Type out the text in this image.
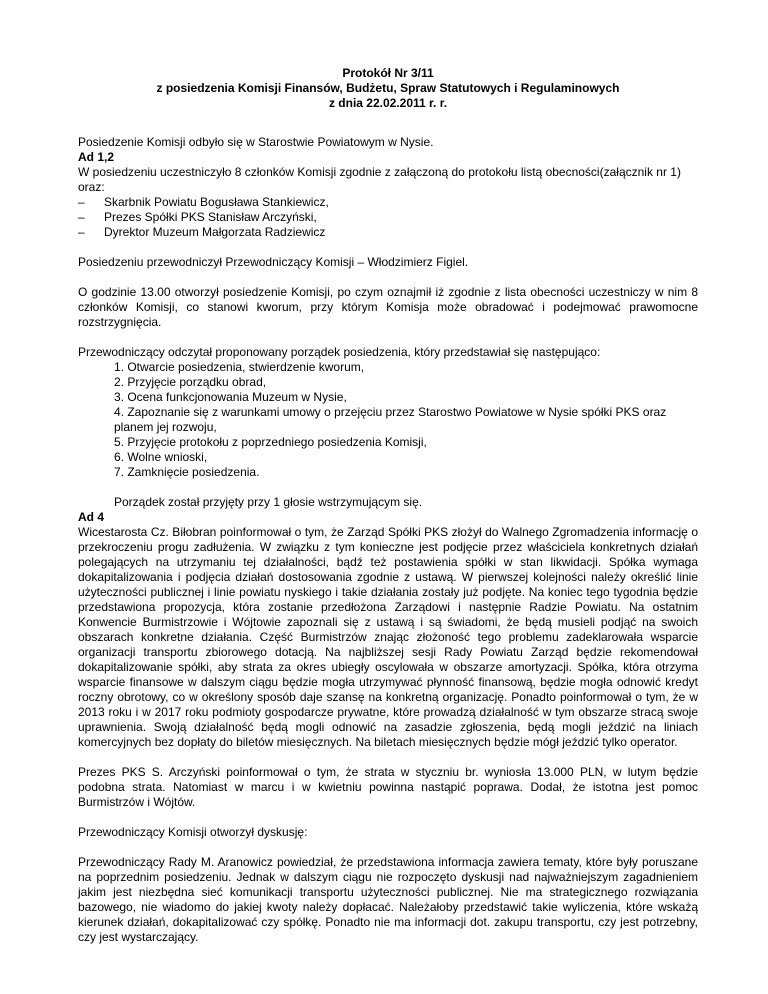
Protokół Nr 3/11
z posiedzenia Komisji Finansów, Budżetu, Spraw Statutowych i Regulaminowych
z dnia 22.02.2011 r. r.

Posiedzenie Komisji odbyło się w Starostwie Powiatowym w Nysie.

Ad 1,2

W posiedzeniu uczestniczyło 8 członków Komisji zgodnie z załączoną do protokołu listą obecności(załącznik nr 1) oraz:

– Skarbnik Powiatu Bogusława Stankiewicz,
– Prezes Spółki PKS Stanisław Arczyński,
– Dyrektor Muzeum Małgorzata Radziewicz

Posiedzeniu przewodniczył Przewodniczący Komisji – Włodzimierz Figiel.

O godzinie 13.00 otworzył posiedzenie Komisji, po czym oznajmił iż zgodnie z lista obecności uczestniczy w nim 8 członków Komisji, co stanowi kworum, przy którym Komisja może obradować i podejmować prawomocne rozstrzygnięcia.

Przewodniczący odczytał proponowany porządek posiedzenia, który przedstawiał się następująco:

1. Otwarcie posiedzenia, stwierdzenie kworum,
2. Przyjęcie porządku obrad,
3. Ocena funkcjonowania Muzeum w Nysie,
4. Zapoznanie się z warunkami umowy o przejęciu przez Starostwo Powiatowe w Nysie spółki PKS oraz planem jej rozwoju,
5. Przyjęcie protokołu z poprzedniego posiedzenia Komisji,
6. Wolne wnioski,
7. Zamknięcie posiedzenia.

Porządek został przyjęty przy 1 głosie wstrzymującym się.

Ad 4

Wicestarosta Cz. Biłobran poinformował o tym, że Zarząd Spółki PKS złożył do Walnego Zgromadzenia informację o przekroczeniu progu zadłużenia. W związku z tym konieczne jest podjęcie przez właściciela konkretnych działań polegających na utrzymaniu tej działalności, bądź też postawienia spółki w stan likwidacji. Spółka wymaga dokapitalizowania i podjęcia działań dostosowania zgodnie z ustawą. W pierwszej kolejności należy określić linie użyteczności publicznej i linie powiatu nyskiego i takie działania zostały już podjęte. Na koniec tego tygodnia będzie przedstawiona propozycja, która zostanie przedłożona Zarządowi i następnie Radzie Powiatu. Na ostatnim Konwencie Burmistrzowie i Wójtowie zapoznali się z ustawą i są świadomi, że będą musieli podjąć na swoich obszarach konkretne działania. Część Burmistrzów znając złożoność tego problemu zadeklarowała wsparcie organizacji transportu zbiorowego dotacją. Na najbliższej sesji Rady Powiatu Zarząd będzie rekomendował dokapitalizowanie spółki, aby strata za okres ubiegły oscylowała w obszarze amortyzacji. Spółka, która otrzyma wsparcie finansowe w dalszym ciągu będzie mogła utrzymywać płynność finansową, będzie mogła odnowić kredyt roczny obrotowy, co w określony sposób daje szansę na konkretną organizację. Ponadto poinformował o tym, że w 2013 roku i w 2017 roku podmioty gospodarcze prywatne, które prowadzą działalność w tym obszarze stracą swoje uprawnienia. Swoją działalność będą mogli odnowić na zasadzie zgłoszenia, będą mogli jeździć na liniach komercyjnych bez dopłaty do biletów miesięcznych. Na biletach miesięcznych będzie mógł jeździć tylko operator.

Prezes PKS S. Arczyński poinformował o tym, że strata w styczniu br. wyniosła 13.000 PLN, w lutym będzie podobna strata. Natomiast w marcu i w kwietniu powinna nastąpić poprawa. Dodał, że istotna jest pomoc Burmistrzów i Wójtów.

Przewodniczący Komisji otworzył dyskusję:

Przewodniczący Rady M. Aranowicz powiedział, że przedstawiona informacja zawiera tematy, które były poruszane na poprzednim posiedzeniu. Jednak w dalszym ciągu nie rozpoczęto dyskusji nad najważniejszym zagadnieniem jakim jest niezbędna sieć komunikacji transportu użyteczności publicznej. Nie ma strategicznego rozwiązania bazowego, nie wiadomo do jakiej kwoty należy dopłacać. Należałoby przedstawić takie wyliczenia, które wskażą kierunek działań, dokapitalizować czy spółkę. Ponadto nie ma informacji dot. zakupu transportu, czy jest potrzebny, czy jest wystarczający.
